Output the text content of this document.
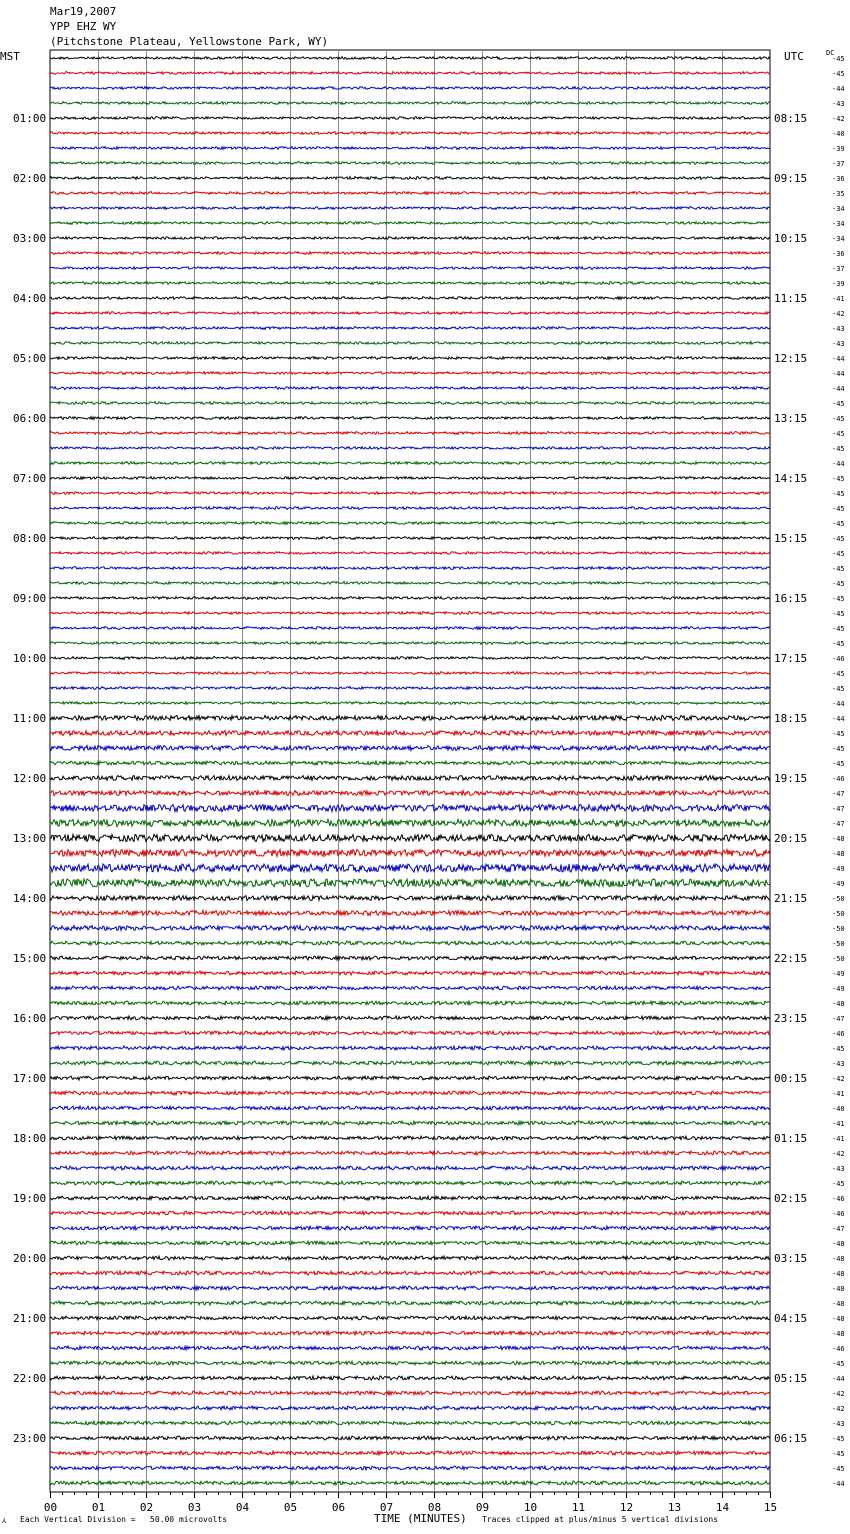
Mar19,2007
YPP EHZ WY
(Pitchstone Plateau, Yellowstone Park, WY)
MST	UTC	DC
00	01	02	03	04	05	06	07	08	09	10	11	12	13	14	15
-45
-45
-44
-43
-42
-40
-39
-37
-36
-35
-34
-34
-34
-36
-37
-39
-41
-42
-43
-43
-44
-44
-44
-45
-45
-45
-45
-44
-45
-45
-45
-45
-45
-45
-45
-45
-45
-45
-45
-45
-46
-45
-45
-44
-44
-45
-45
-45
-46
-47
-47
-47
-48
-48
-49
-49
-50
-50
-50
-50
-50
-49
-49
-48
-47
-46
-45
-43
-42
-41
-40
-41
-41
-42
-43
-45
-46
-46
-47
-48
-48
-48
-48
-48
-48
-48
-46
-45
-44
-42
-42
-43
-45
-45
-45
-44
01:00
02:00
03:00
04:00
05:00
06:00
07:00
08:00
09:00
10:00
11:00
12:00
13:00
14:00
15:00
16:00
17:00
18:00
19:00
20:00
21:00
22:00
23:00
08:15
09:15
10:15
11:15
12:15
13:15
14:15
15:15
16:15
17:15
18:15
19:15
20:15
21:15
22:15
23:15
00:15
01:15
02:15
03:15
04:15
05:15
06:15
⅄ Each Vertical Division =   50.00 microvolts	TIME (MINUTES) Traces clipped at plus/minus 5 vertical divisions
